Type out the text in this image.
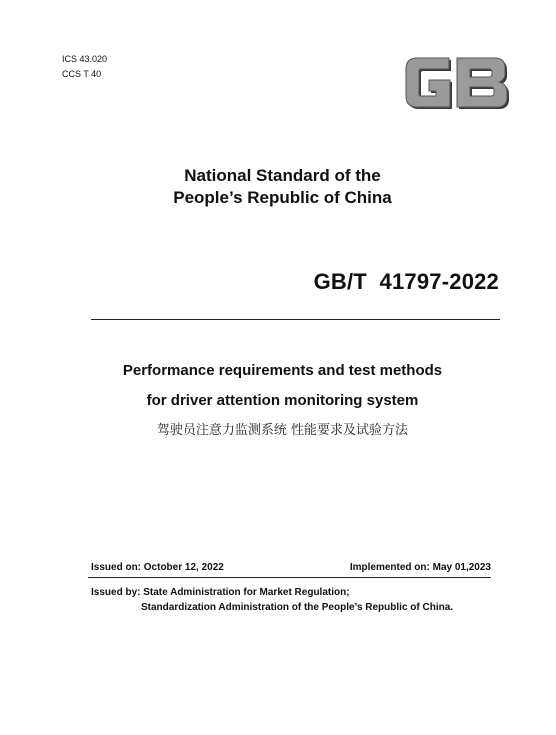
ICS 43.020
CCS T 40
National Standard of the
People’s Republic of China
GB/T  41797-2022
Performance requirements and test methods
for driver attention monitoring system
驾驶员注意力监测系统 性能要求及试验方法
Issued on: October 12, 2022	Implemented on: May 01,2023
Issued by: State Administration for Market Regulation;
Standardization Administration of the People’s Republic of China.
